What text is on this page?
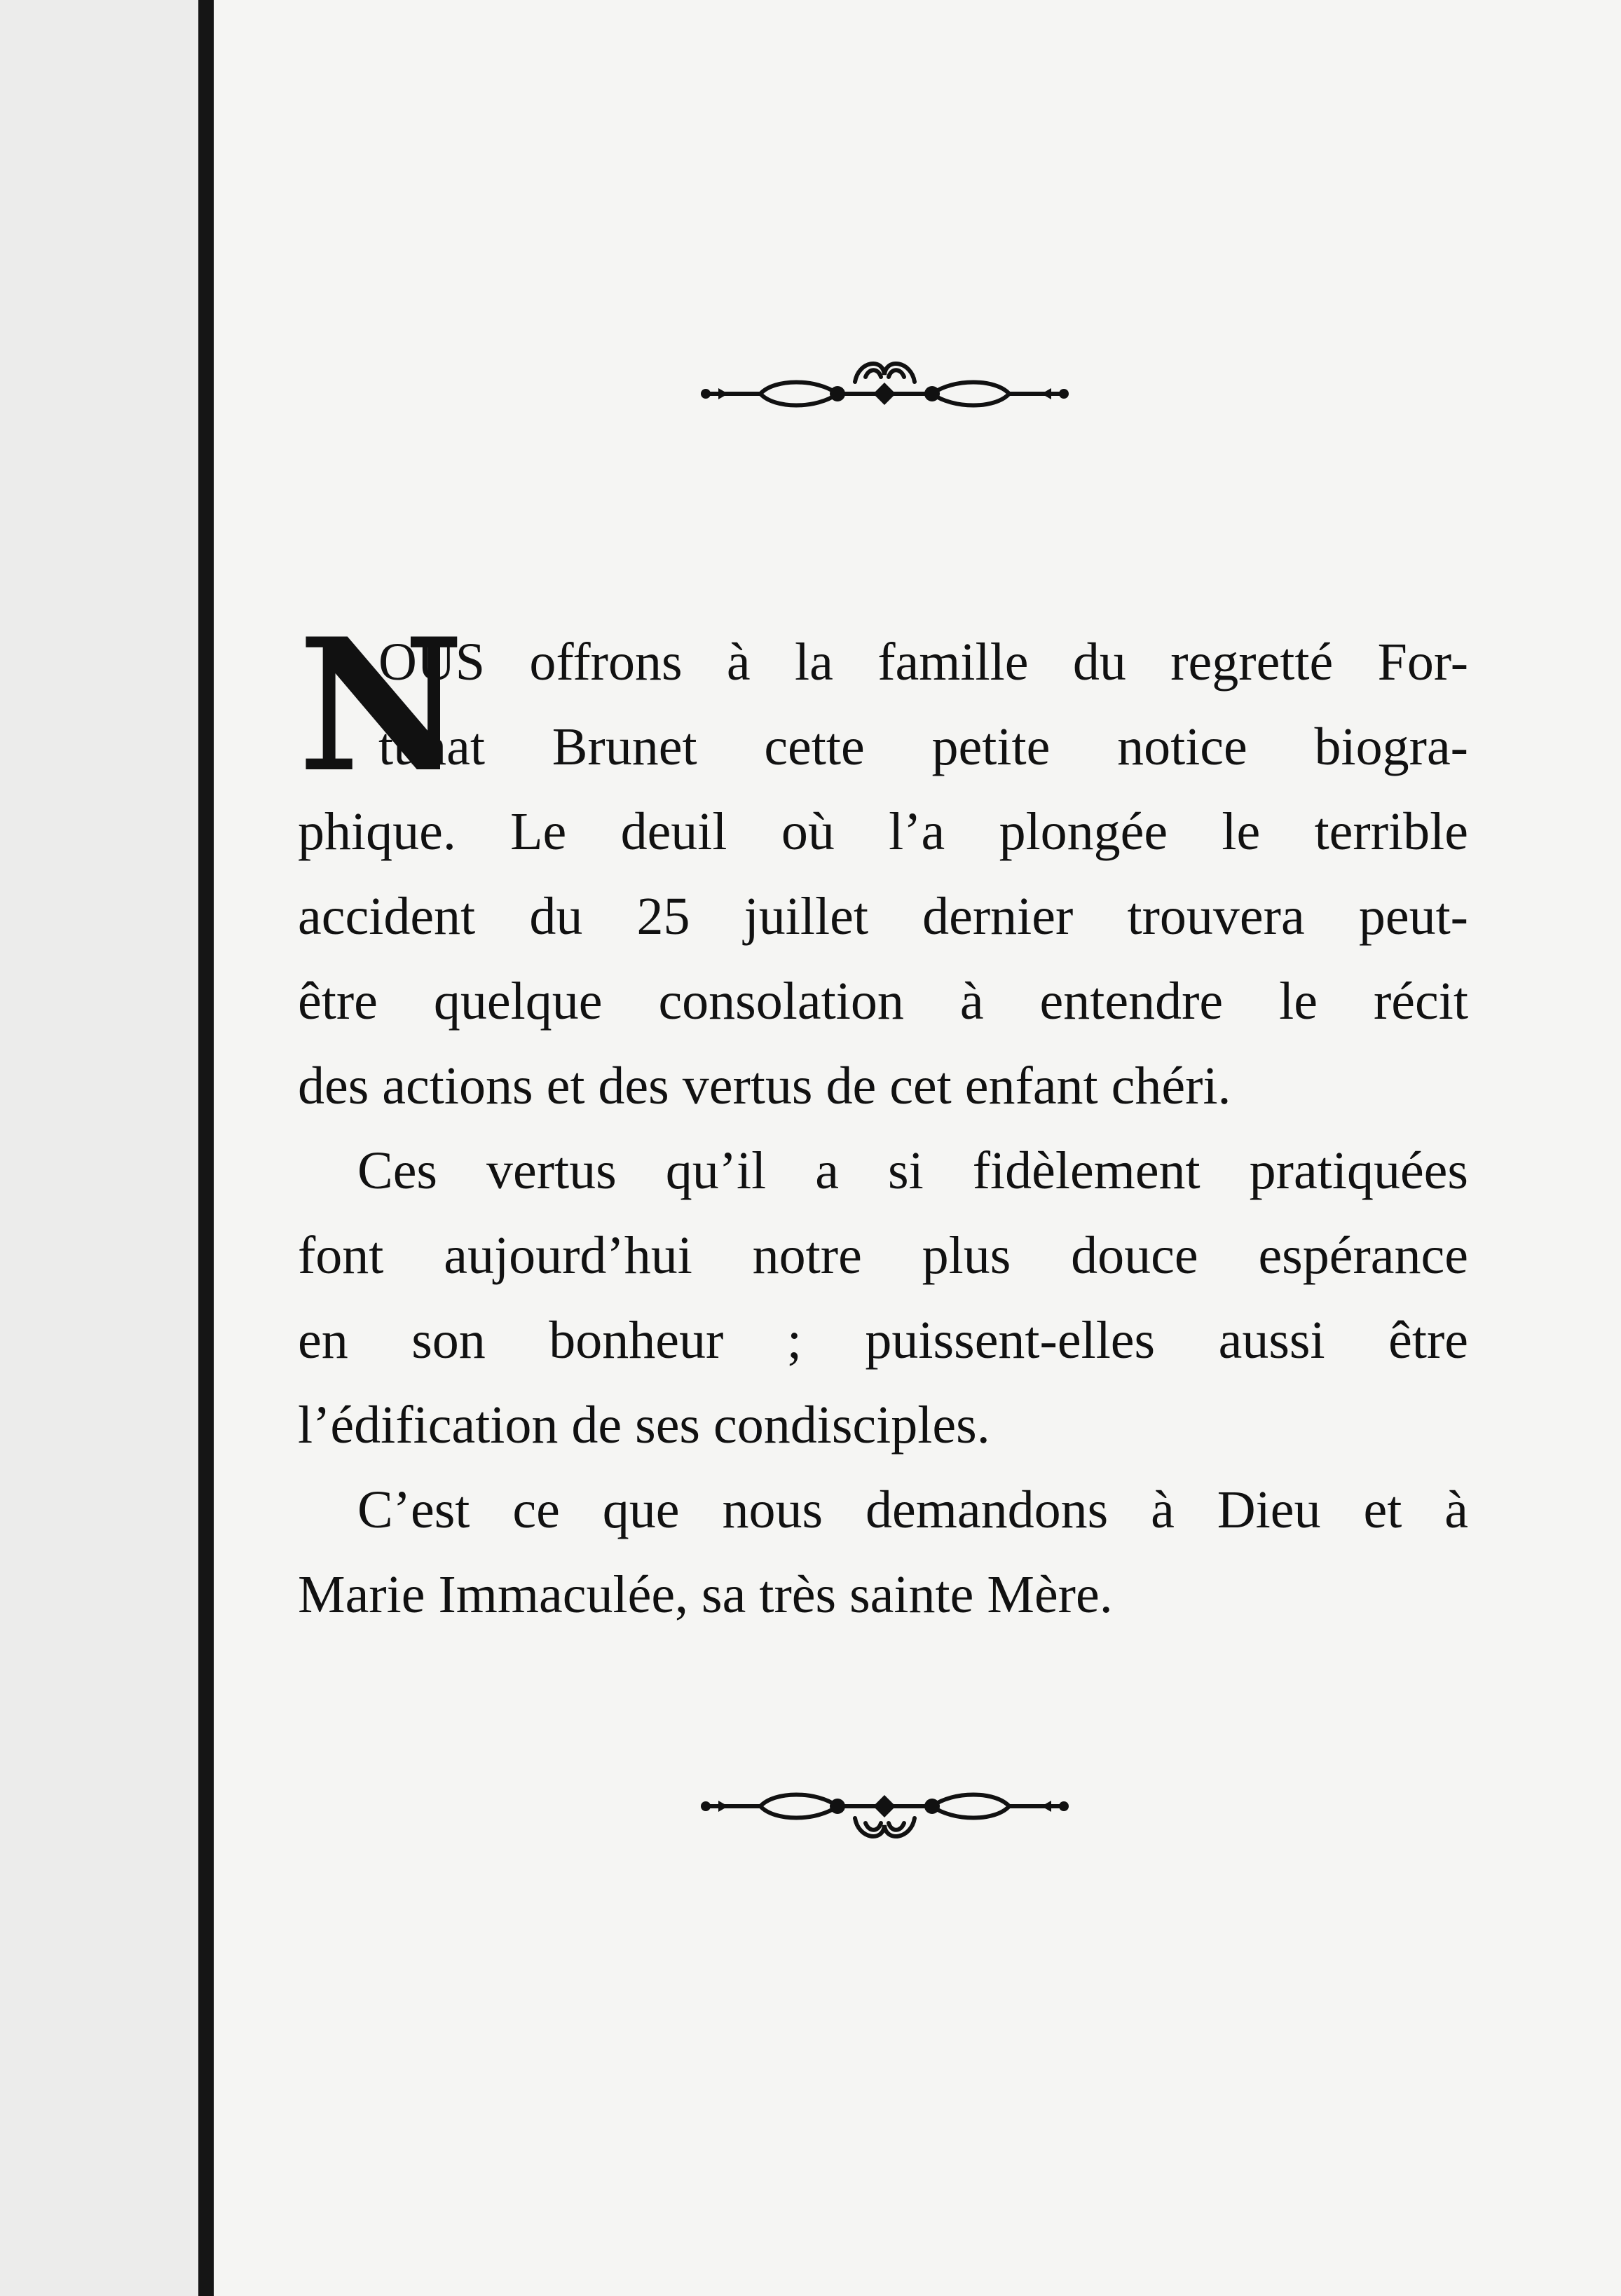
N
OUS offrons à la famille du regretté For-
tunat Brunet cette petite notice biogra-
phique. Le deuil où l’a plongée le terrible
accident du 25 juillet dernier trouvera peut-
être quelque consolation à entendre le récit
des actions et des vertus de cet enfant chéri.
Ces vertus qu’il a si fidèlement pratiquées
font aujourd’hui notre plus douce espérance
en son bonheur ; puissent-elles aussi être
l’édification de ses condisciples.
C’est ce que nous demandons à Dieu et à
Marie Immaculée, sa très sainte Mère.
